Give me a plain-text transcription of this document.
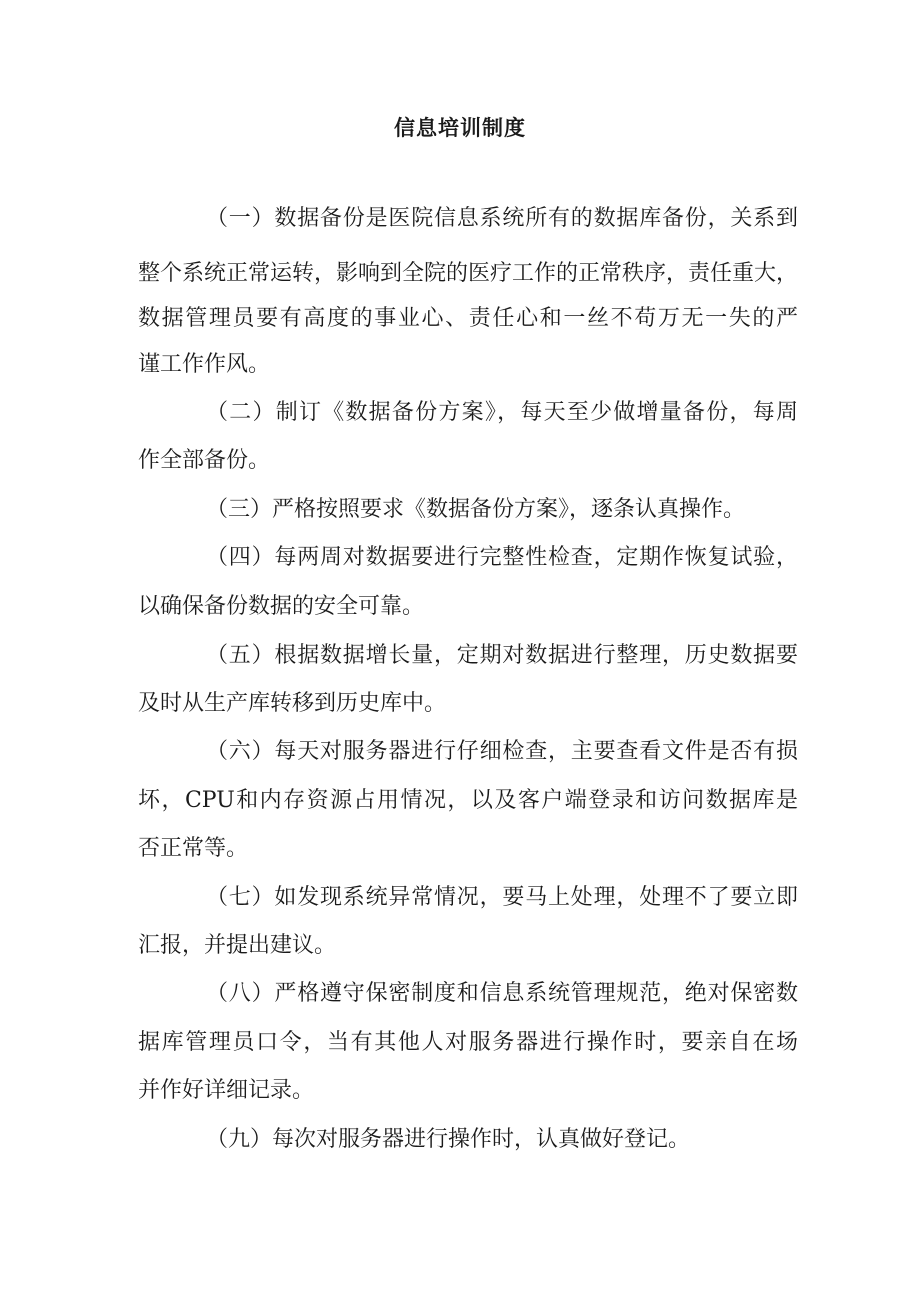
信息培训制度

（一）数据备份是医院信息系统所有的数据库备份，关系到

整个系统正常运转，影响到全院的医疗工作的正常秩序，责任重大，

数据管理员要有高度的事业心、责任心和一丝不苟万无一失的严

谨工作作风。

（二）制订《数据备份方案》，每天至少做增量备份，每周

作全部备份。

（三）严格按照要求《数据备份方案》，逐条认真操作。

（四）每两周对数据要进行完整性检查，定期作恢复试验，

以确保备份数据的安全可靠。

（五）根据数据增长量，定期对数据进行整理，历史数据要

及时从生产库转移到历史库中。

（六）每天对服务器进行仔细检查，主要查看文件是否有损

坏，CPU和内存资源占用情况，以及客户端登录和访问数据库是

否正常等。

（七）如发现系统异常情况，要马上处理，处理不了要立即

汇报，并提出建议。

（八）严格遵守保密制度和信息系统管理规范，绝对保密数

据库管理员口令，当有其他人对服务器进行操作时，要亲自在场

并作好详细记录。

（九）每次对服务器进行操作时，认真做好登记。
